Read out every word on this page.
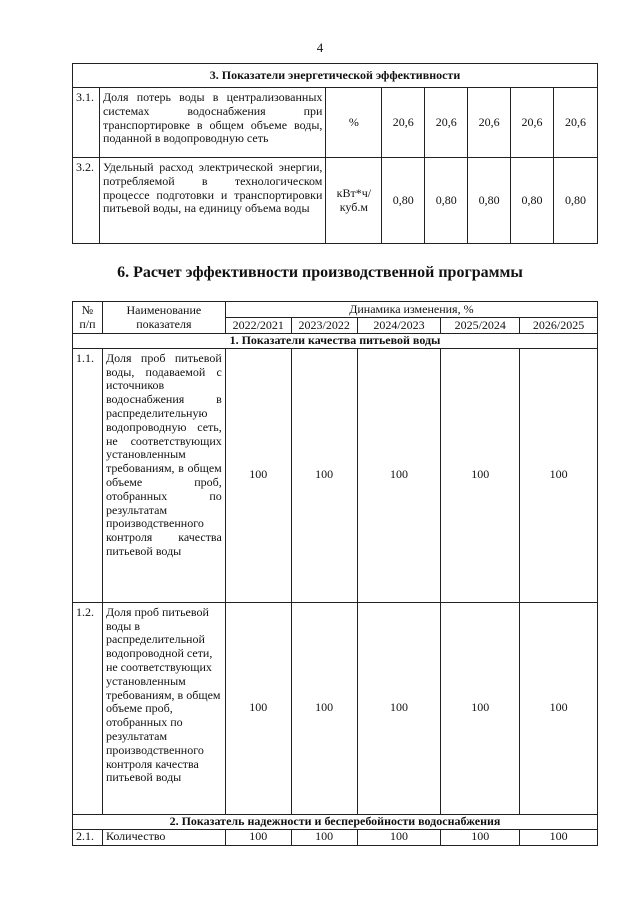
4
3. Показатели энергетической эффективности							
3.1.	Доля потерь воды в централизованных системах водоснабжения при транспортировке в общем объеме воды, поданной в водопроводную сеть	%	20,6	20,6	20,6	20,6	20,6
3.2.	Удельный расход электрической энергии, потребляемой в технологическом процессе подготовки и транспортировки питьевой воды, на единицу объема воды	кВт*ч/ куб.м	0,80	0,80	0,80	0,80	0,80
6. Расчет эффективности производственной программы
№ п/п	Наименование показателя	Динамика изменения, %				
		2022/2021	2023/2022	2024/2023	2025/2024	2026/2025
1. Показатели качества питьевой воды						
1.1.	Доля проб питьевой воды, подаваемой с источников водоснабжения в распределительную водопроводную сеть, не соответствующих установленным требованиям, в общем объеме проб, отобранных по результатам производственного контроля качества питьевой воды	100	100	100	100	100
1.2.	Доля проб питьевой воды в распределительной водопроводной сети, не соответствующих установленным требованиям, в общем объеме проб, отобранных по результатам производственного контроля качества питьевой воды	100	100	100	100	100
2. Показатель надежности и бесперебойности водоснабжения						
2.1.	Количество	100	100	100	100	100
